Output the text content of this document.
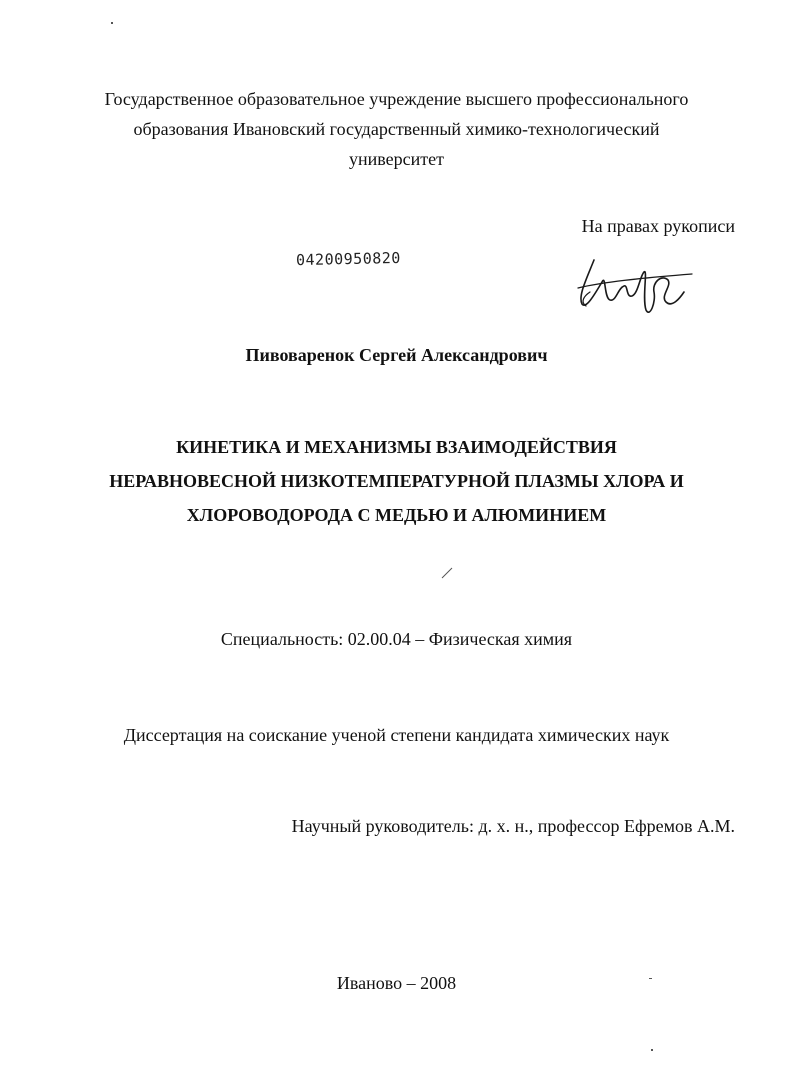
Государственное образовательное учреждение высшего профессионального
образования Ивановский государственный химико-технологический
университет
На правах рукописи
04200950820
Пивоваренок Сергей Александрович
КИНЕТИКА И МЕХАНИЗМЫ ВЗАИМОДЕЙСТВИЯ
НЕРАВНОВЕСНОЙ НИЗКОТЕМПЕРАТУРНОЙ ПЛАЗМЫ ХЛОРА И
ХЛОРОВОДОРОДА С МЕДЬЮ И АЛЮМИНИЕМ
Специальность: 02.00.04 – Физическая химия
Диссертация на соискание ученой степени кандидата химических наук
Научный руководитель: д. х. н., профессор Ефремов А.М.
Иваново – 2008
